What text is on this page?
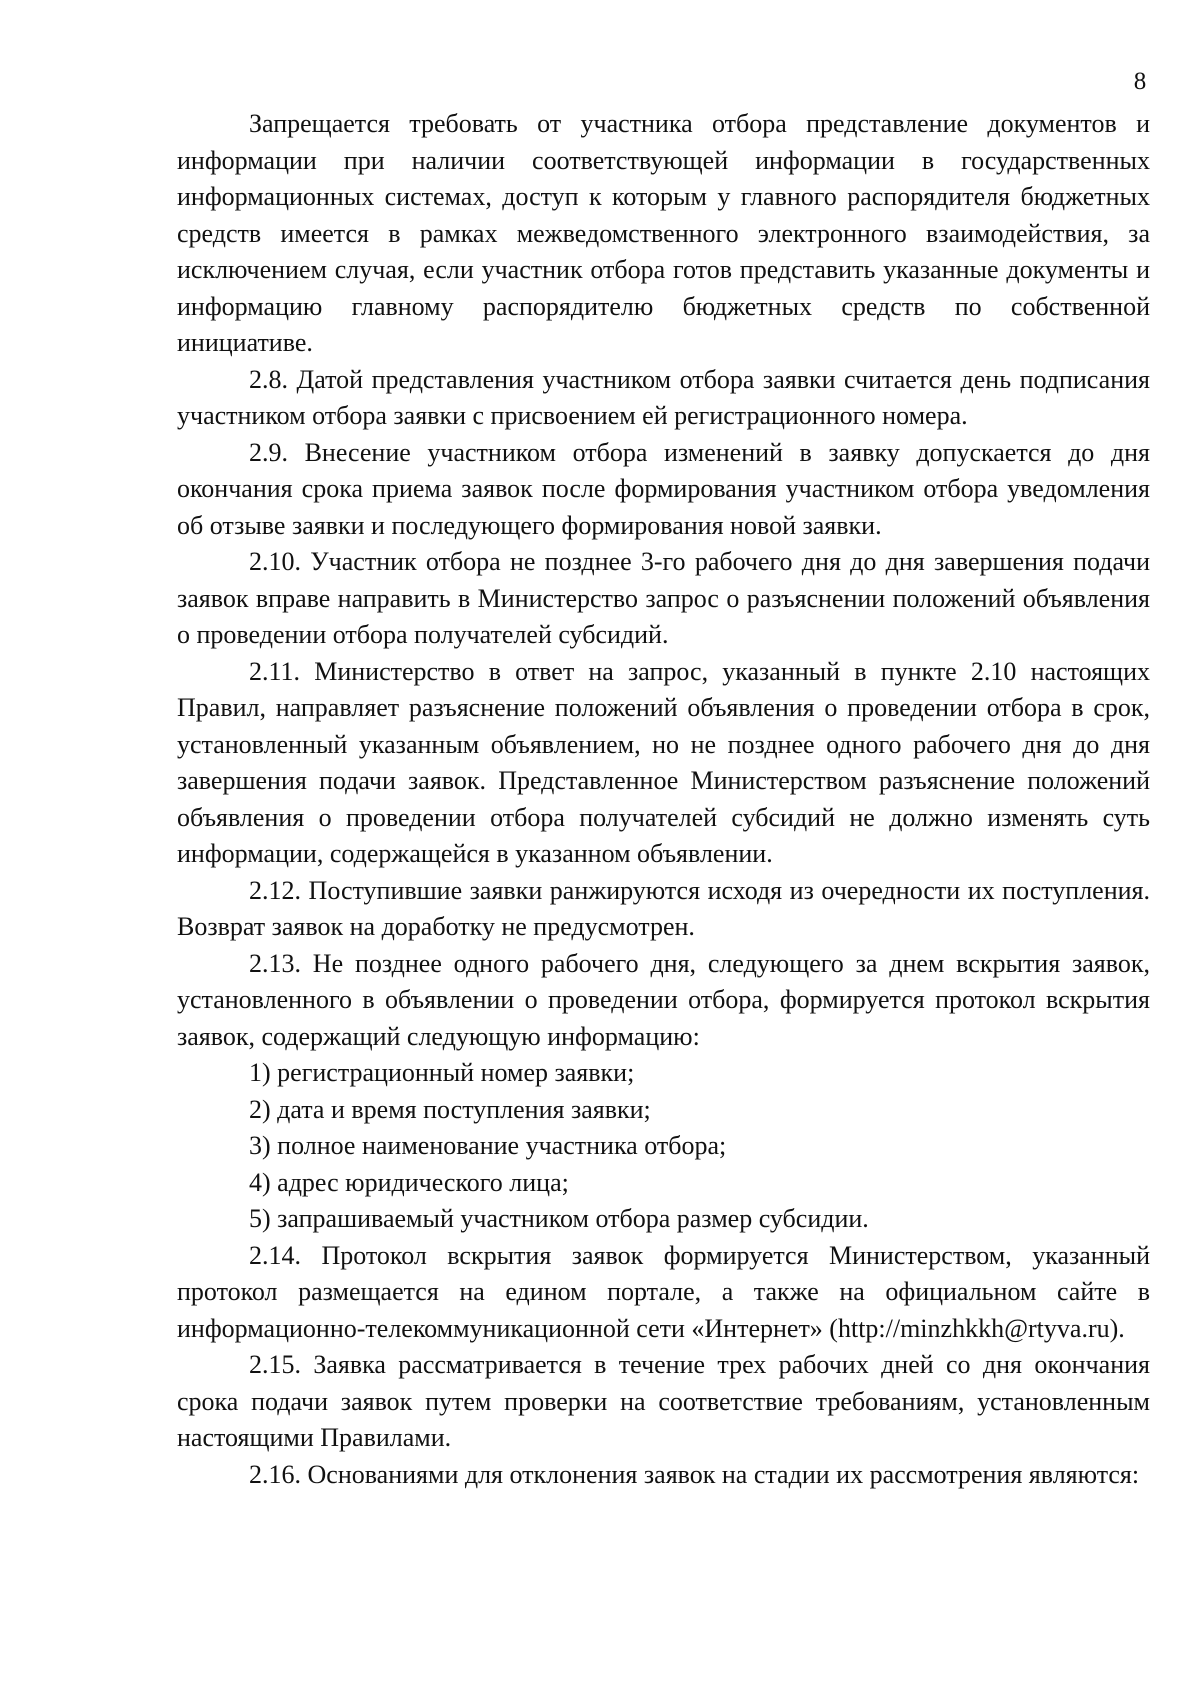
8

Запрещается требовать от участника отбора представление документов и информации при наличии соответствующей информации в государственных информационных системах, доступ к которым у главного распорядителя бюджетных средств имеется в рамках межведомственного электронного взаимодействия, за исключением случая, если участник отбора готов представить указанные документы и информацию главному распорядителю бюджетных средств по собственной инициативе.

2.8. Датой представления участником отбора заявки считается день подписания участником отбора заявки с присвоением ей регистрационного номера.

2.9. Внесение участником отбора изменений в заявку допускается до дня окончания срока приема заявок после формирования участником отбора уведомления об отзыве заявки и последующего формирования новой заявки.

2.10. Участник отбора не позднее 3-го рабочего дня до дня завершения подачи заявок вправе направить в Министерство запрос о разъяснении положений объявления о проведении отбора получателей субсидий.

2.11. Министерство в ответ на запрос, указанный в пункте 2.10 настоящих Правил, направляет разъяснение положений объявления о проведении отбора в срок, установленный указанным объявлением, но не позднее одного рабочего дня до дня завершения подачи заявок. Представленное Министерством разъяснение положений объявления о проведении отбора получателей субсидий не должно изменять суть информации, содержащейся в указанном объявлении.

2.12. Поступившие заявки ранжируются исходя из очередности их поступления. Возврат заявок на доработку не предусмотрен.

2.13. Не позднее одного рабочего дня, следующего за днем вскрытия заявок, установленного в объявлении о проведении отбора, формируется протокол вскрытия заявок, содержащий следующую информацию:

1) регистрационный номер заявки;

2) дата и время поступления заявки;

3) полное наименование участника отбора;

4) адрес юридического лица;

5) запрашиваемый участником отбора размер субсидии.

2.14. Протокол вскрытия заявок формируется Министерством, указанный протокол размещается на едином портале, а также на официальном сайте в информационно-телекоммуникационной сети «Интернет» (http://minzhkkh@rtyva.ru).

2.15. Заявка рассматривается в течение трех рабочих дней со дня окончания срока подачи заявок путем проверки на соответствие требованиям, установленным настоящими Правилами.

2.16. Основаниями для отклонения заявок на стадии их рассмотрения являются:
